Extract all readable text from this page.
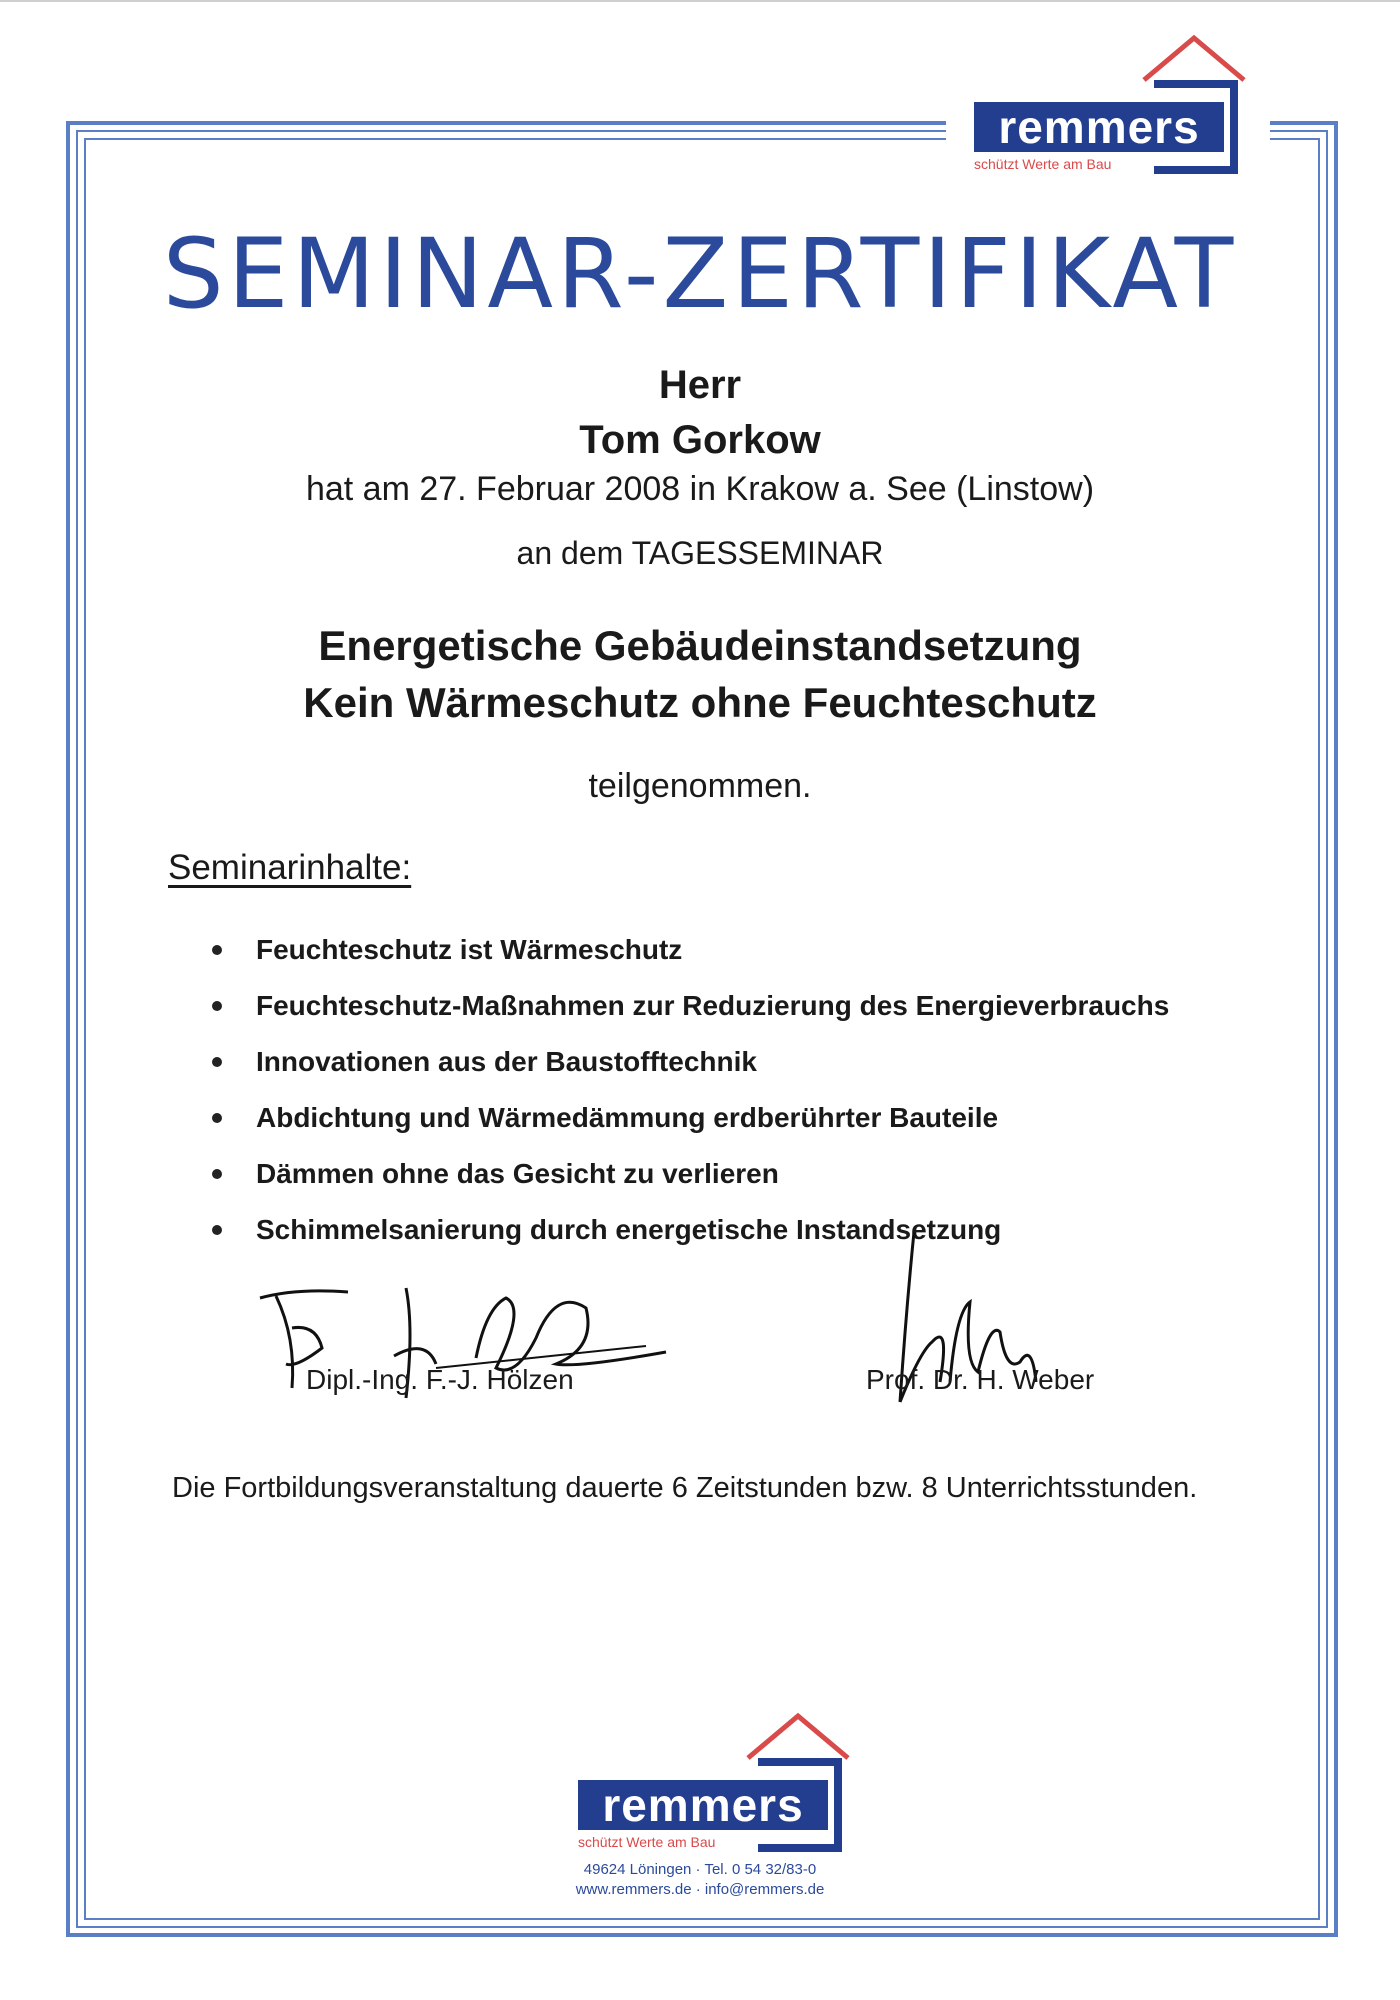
remmers
schützt Werte am Bau
SEMINAR-ZERTIFIKAT
Herr
Tom Gorkow
hat am 27. Februar 2008 in Krakow a. See (Linstow)
an dem TAGESSEMINAR
Energetische Gebäudeinstandsetzung
Kein Wärmeschutz ohne Feuchteschutz
teilgenommen.
Seminarinhalte:
Feuchteschutz ist Wärmeschutz
Feuchteschutz-Maßnahmen zur Reduzierung des Energieverbrauchs
Innovationen aus der Baustofftechnik
Abdichtung und Wärmedämmung erdberührter Bauteile
Dämmen ohne das Gesicht zu verlieren
Schimmelsanierung durch energetische Instandsetzung
Dipl.-Ing. F.-J. Hölzen	Prof. Dr. H. Weber
Die Fortbildungsveranstaltung dauerte 6 Zeitstunden bzw. 8 Unterrichtsstunden.
remmers
schützt Werte am Bau
49624 Löningen · Tel. 0 54 32/83-0
www.remmers.de · info@remmers.de
